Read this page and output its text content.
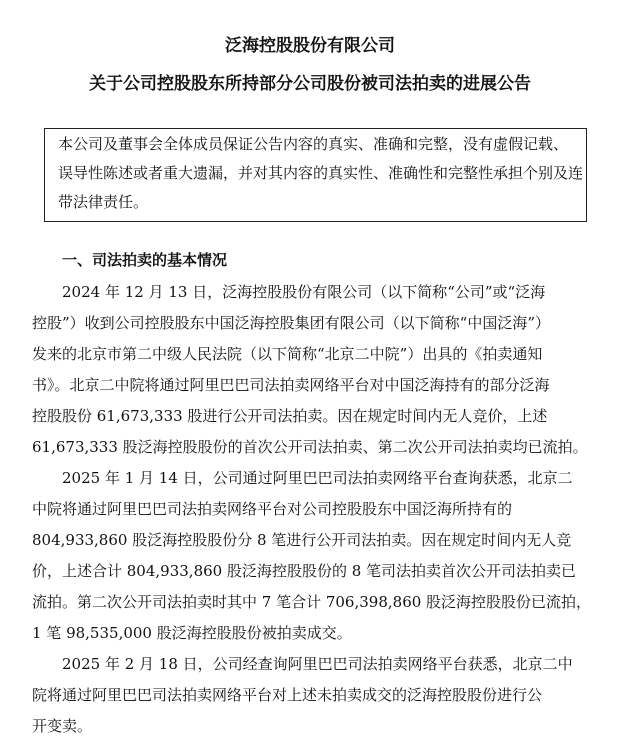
泛海控股股份有限公司
关于公司控股股东所持部分公司股份被司法拍卖的进展公告
本公司及董事会全体成员保证公告内容的真实、准确和完整，没有虚假记载、
误导性陈述或者重大遗漏，并对其内容的真实性、准确性和完整性承担个别及连
带法律责任。
一、司法拍卖的基本情况
2024 年 12 月 13 日，泛海控股股份有限公司（以下简称“公司”或“泛海
控股”）收到公司控股股东中国泛海控股集团有限公司（以下简称“中国泛海”）
发来的北京市第二中级人民法院（以下简称“北京二中院”）出具的《拍卖通知
书》。北京二中院将通过阿里巴巴司法拍卖网络平台对中国泛海持有的部分泛海
控股股份 61,673,333 股进行公开司法拍卖。因在规定时间内无人竞价，上述
61,673,333 股泛海控股股份的首次公开司法拍卖、第二次公开司法拍卖均已流拍。
2025 年 1 月 14 日，公司通过阿里巴巴司法拍卖网络平台查询获悉，北京二
中院将通过阿里巴巴司法拍卖网络平台对公司控股股东中国泛海所持有的
804,933,860 股泛海控股股份分 8 笔进行公开司法拍卖。因在规定时间内无人竞
价，上述合计 804,933,860 股泛海控股股份的 8 笔司法拍卖首次公开司法拍卖已
流拍。第二次公开司法拍卖时其中 7 笔合计 706,398,860 股泛海控股股份已流拍，
1 笔 98,535,000 股泛海控股股份被拍卖成交。
2025 年 2 月 18 日，公司经查询阿里巴巴司法拍卖网络平台获悉，北京二中
院将通过阿里巴巴司法拍卖网络平台对上述未拍卖成交的泛海控股股份进行公
开变卖。
